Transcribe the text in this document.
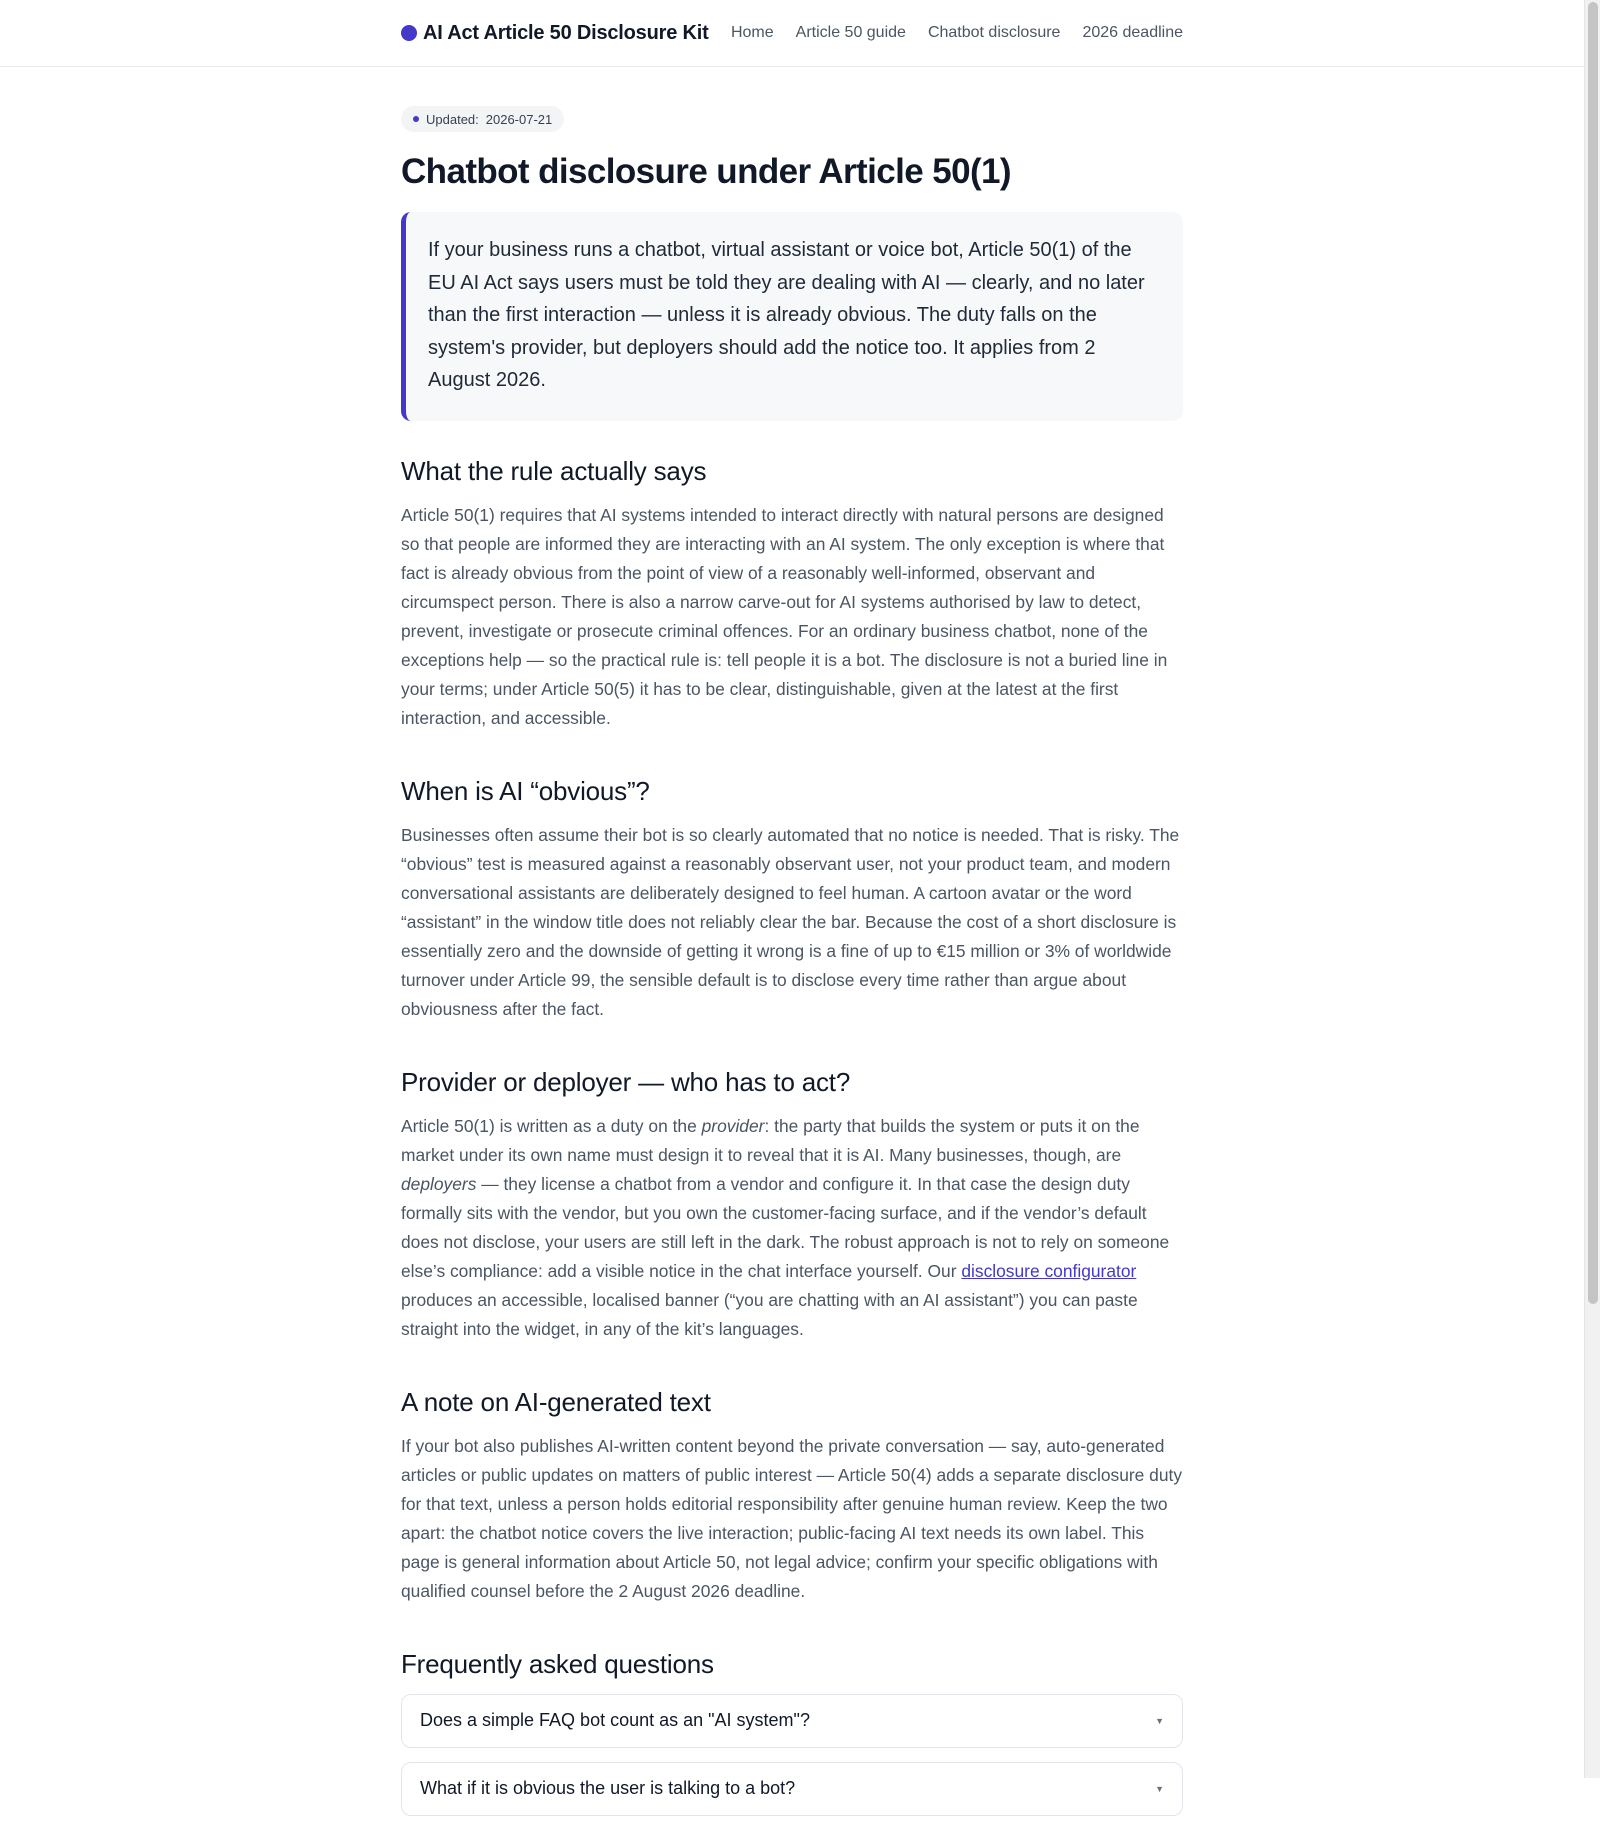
AI Act Article 50 Disclosure Kit Home Article 50 guide Chatbot disclosure 2026 deadline
Updated: 2026-07-21
Chatbot disclosure under Article 50(1)
If your business runs a chatbot, virtual assistant or voice bot, Article 50(1) of the EU AI Act says users must be told they are dealing with AI — clearly, and no later than the first interaction — unless it is already obvious. The duty falls on the system's provider, but deployers should add the notice too. It applies from 2 August 2026.
What the rule actually says

Article 50(1) requires that AI systems intended to interact directly with natural persons are designed so that people are informed they are interacting with an AI system. The only exception is where that fact is already obvious from the point of view of a reasonably well-informed, observant and circumspect person. There is also a narrow carve-out for AI systems authorised by law to detect, prevent, investigate or prosecute criminal offences. For an ordinary business chatbot, none of the exceptions help — so the practical rule is: tell people it is a bot. The disclosure is not a buried line in your terms; under Article 50(5) it has to be clear, distinguishable, given at the latest at the first interaction, and accessible.

When is AI “obvious”?

Businesses often assume their bot is so clearly automated that no notice is needed. That is risky. The “obvious” test is measured against a reasonably observant user, not your product team, and modern conversational assistants are deliberately designed to feel human. A cartoon avatar or the word “assistant” in the window title does not reliably clear the bar. Because the cost of a short disclosure is essentially zero and the downside of getting it wrong is a fine of up to €15 million or 3% of worldwide turnover under Article 99, the sensible default is to disclose every time rather than argue about obviousness after the fact.

Provider or deployer — who has to act?

Article 50(1) is written as a duty on the provider: the party that builds the system or puts it on the market under its own name must design it to reveal that it is AI. Many businesses, though, are deployers — they license a chatbot from a vendor and configure it. In that case the design duty formally sits with the vendor, but you own the customer-facing surface, and if the vendor’s default does not disclose, your users are still left in the dark. The robust approach is not to rely on someone else’s compliance: add a visible notice in the chat interface yourself. Our disclosure configurator produces an accessible, localised banner (“you are chatting with an AI assistant”) you can paste straight into the widget, in any of the kit’s languages.

A note on AI-generated text

If your bot also publishes AI-written content beyond the private conversation — say, auto-generated articles or public updates on matters of public interest — Article 50(4) adds a separate disclosure duty for that text, unless a person holds editorial responsibility after genuine human review. Keep the two apart: the chatbot notice covers the live interaction; public-facing AI text needs its own label. This page is general information about Article 50, not legal advice; confirm your specific obligations with qualified counsel before the 2 August 2026 deadline.

Frequently asked questions
Does a simple FAQ bot count as an "AI system"?	▼
What if it is obvious the user is talking to a bot?	▼
